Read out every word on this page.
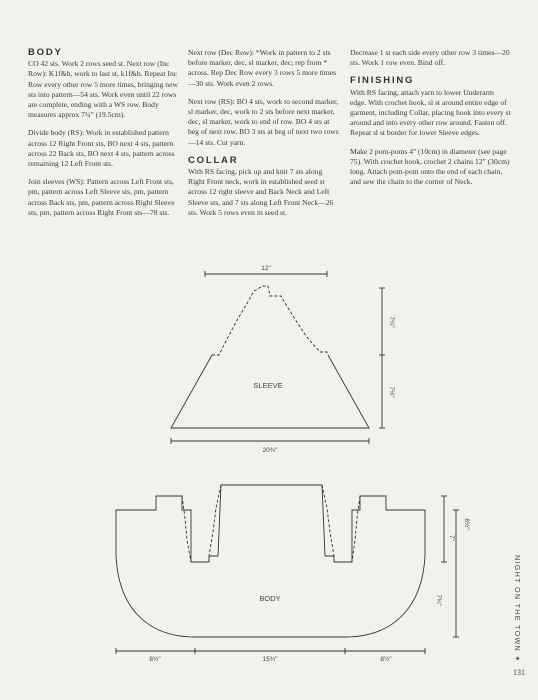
BODY

CO 42 sts. Work 2 rows seed st. Next row (Inc Row): K1f&b, work to last st, k1f&b. Repeat Inc Row every other row 5 more times, bringing new sts into pattern—54 sts. Work even until 22 rows are complete, ending with a WS row. Body measures approx 7¾" (19.5cm).

Divide body (RS): Work in established pattern across 12 Right Front sts, BO next 4 sts, pattern across 22 Back sts, BO next 4 sts, pattern across remaining 12 Left Front sts.

Join sleeves (WS): Pattern across Left Front sts, pm, pattern across Left Sleeve sts, pm, pattern across Back sts, pm, pattern across Right Sleeve sts, pm, pattern across Right Front sts—78 sts.

Next row (Dec Row): *Work in pattern to 2 sts before marker, dec, sl marker, dec; rep from * across. Rep Dec Row every 3 rows 5 more times—30 sts. Work even 2 rows.

Next row (RS): BO 4 sts, work to second marker, sl marker, dec, work to 2 sts before next marker, dec, sl marker, work to end of row. BO 4 sts at beg of next row. BO 3 sts at beg of next two rows—14 sts. Cut yarn.

COLLAR

With RS facing, pick up and knit 7 sts along Right Front neck, work in established seed st across 12 right sleeve and Back Neck and Left Sleeve sts, and 7 sts along Left Front Neck—26 sts. Work 5 rows even in seed st.

Decrease 1 st each side every other row 3 times—20 sts. Work 1 row even. Bind off.

FINISHING

With RS facing, attach yarn to lower Underarm edge. With crochet hook, sl st around entire edge of garment, including Collar, placing hook into every st around and into every other row around. Fasten off. Repeat sl st border for lower Sleeve edges.

Make 2 pom-poms 4" (10cm) in diameter (see page 75). With crochet hook, crochet 2 chains 12" (30cm) long. Attach pom-pom onto the end of each chain, and sew the chain to the corner of Neck.

12"
SLEEVE
20¾"
7¼"
7½"
BODY
8½"	15¾"	8½"
8½"
7"
7¾"	NIGHT ON THE TOWN ✶
131
